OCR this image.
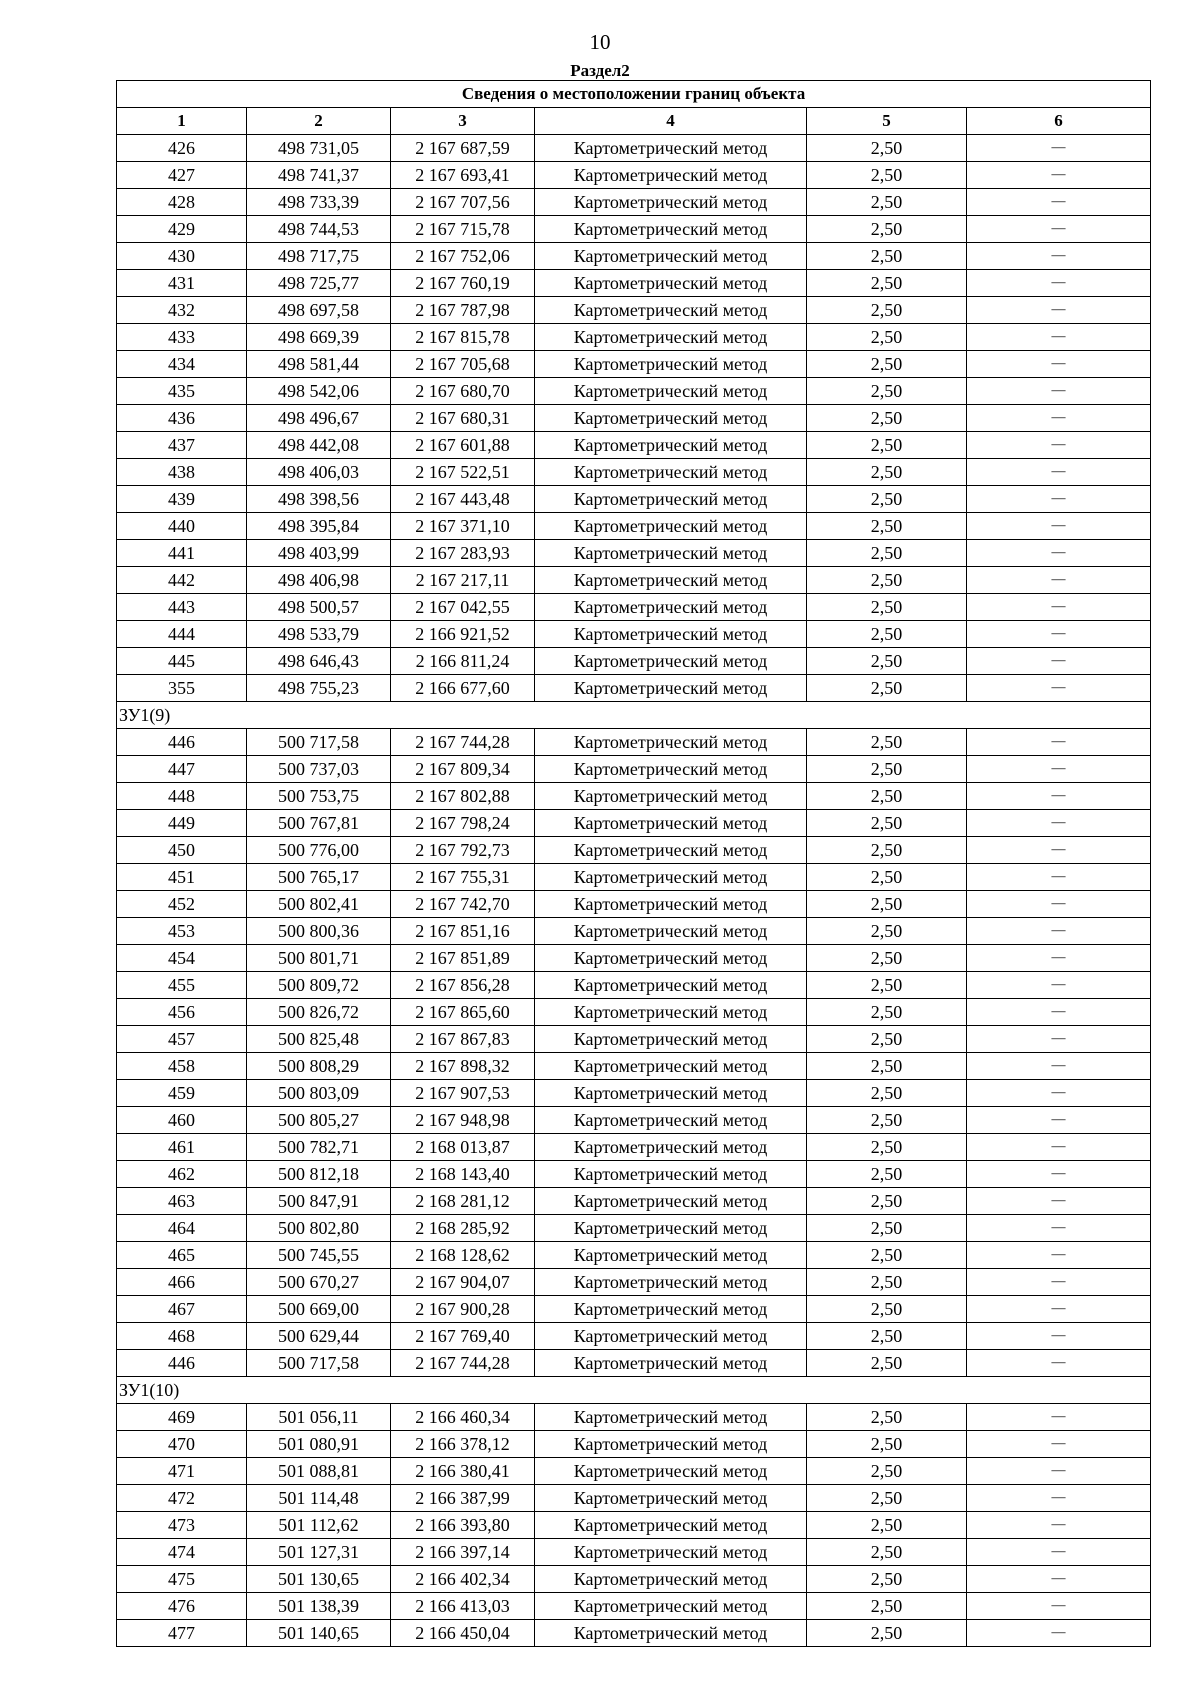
10
Раздел2
Сведения о местоположении границ объекта					
1	2	3	4	5	6
426	498 731,05	2 167 687,59	Картометрический метод	2,50	—
427	498 741,37	2 167 693,41	Картометрический метод	2,50	—
428	498 733,39	2 167 707,56	Картометрический метод	2,50	—
429	498 744,53	2 167 715,78	Картометрический метод	2,50	—
430	498 717,75	2 167 752,06	Картометрический метод	2,50	—
431	498 725,77	2 167 760,19	Картометрический метод	2,50	—
432	498 697,58	2 167 787,98	Картометрический метод	2,50	—
433	498 669,39	2 167 815,78	Картометрический метод	2,50	—
434	498 581,44	2 167 705,68	Картометрический метод	2,50	—
435	498 542,06	2 167 680,70	Картометрический метод	2,50	—
436	498 496,67	2 167 680,31	Картометрический метод	2,50	—
437	498 442,08	2 167 601,88	Картометрический метод	2,50	—
438	498 406,03	2 167 522,51	Картометрический метод	2,50	—
439	498 398,56	2 167 443,48	Картометрический метод	2,50	—
440	498 395,84	2 167 371,10	Картометрический метод	2,50	—
441	498 403,99	2 167 283,93	Картометрический метод	2,50	—
442	498 406,98	2 167 217,11	Картометрический метод	2,50	—
443	498 500,57	2 167 042,55	Картометрический метод	2,50	—
444	498 533,79	2 166 921,52	Картометрический метод	2,50	—
445	498 646,43	2 166 811,24	Картометрический метод	2,50	—
355	498 755,23	2 166 677,60	Картометрический метод	2,50	—
ЗУ1(9)					
446	500 717,58	2 167 744,28	Картометрический метод	2,50	—
447	500 737,03	2 167 809,34	Картометрический метод	2,50	—
448	500 753,75	2 167 802,88	Картометрический метод	2,50	—
449	500 767,81	2 167 798,24	Картометрический метод	2,50	—
450	500 776,00	2 167 792,73	Картометрический метод	2,50	—
451	500 765,17	2 167 755,31	Картометрический метод	2,50	—
452	500 802,41	2 167 742,70	Картометрический метод	2,50	—
453	500 800,36	2 167 851,16	Картометрический метод	2,50	—
454	500 801,71	2 167 851,89	Картометрический метод	2,50	—
455	500 809,72	2 167 856,28	Картометрический метод	2,50	—
456	500 826,72	2 167 865,60	Картометрический метод	2,50	—
457	500 825,48	2 167 867,83	Картометрический метод	2,50	—
458	500 808,29	2 167 898,32	Картометрический метод	2,50	—
459	500 803,09	2 167 907,53	Картометрический метод	2,50	—
460	500 805,27	2 167 948,98	Картометрический метод	2,50	—
461	500 782,71	2 168 013,87	Картометрический метод	2,50	—
462	500 812,18	2 168 143,40	Картометрический метод	2,50	—
463	500 847,91	2 168 281,12	Картометрический метод	2,50	—
464	500 802,80	2 168 285,92	Картометрический метод	2,50	—
465	500 745,55	2 168 128,62	Картометрический метод	2,50	—
466	500 670,27	2 167 904,07	Картометрический метод	2,50	—
467	500 669,00	2 167 900,28	Картометрический метод	2,50	—
468	500 629,44	2 167 769,40	Картометрический метод	2,50	—
446	500 717,58	2 167 744,28	Картометрический метод	2,50	—
ЗУ1(10)					
469	501 056,11	2 166 460,34	Картометрический метод	2,50	—
470	501 080,91	2 166 378,12	Картометрический метод	2,50	—
471	501 088,81	2 166 380,41	Картометрический метод	2,50	—
472	501 114,48	2 166 387,99	Картометрический метод	2,50	—
473	501 112,62	2 166 393,80	Картометрический метод	2,50	—
474	501 127,31	2 166 397,14	Картометрический метод	2,50	—
475	501 130,65	2 166 402,34	Картометрический метод	2,50	—
476	501 138,39	2 166 413,03	Картометрический метод	2,50	—
477	501 140,65	2 166 450,04	Картометрический метод	2,50	—
